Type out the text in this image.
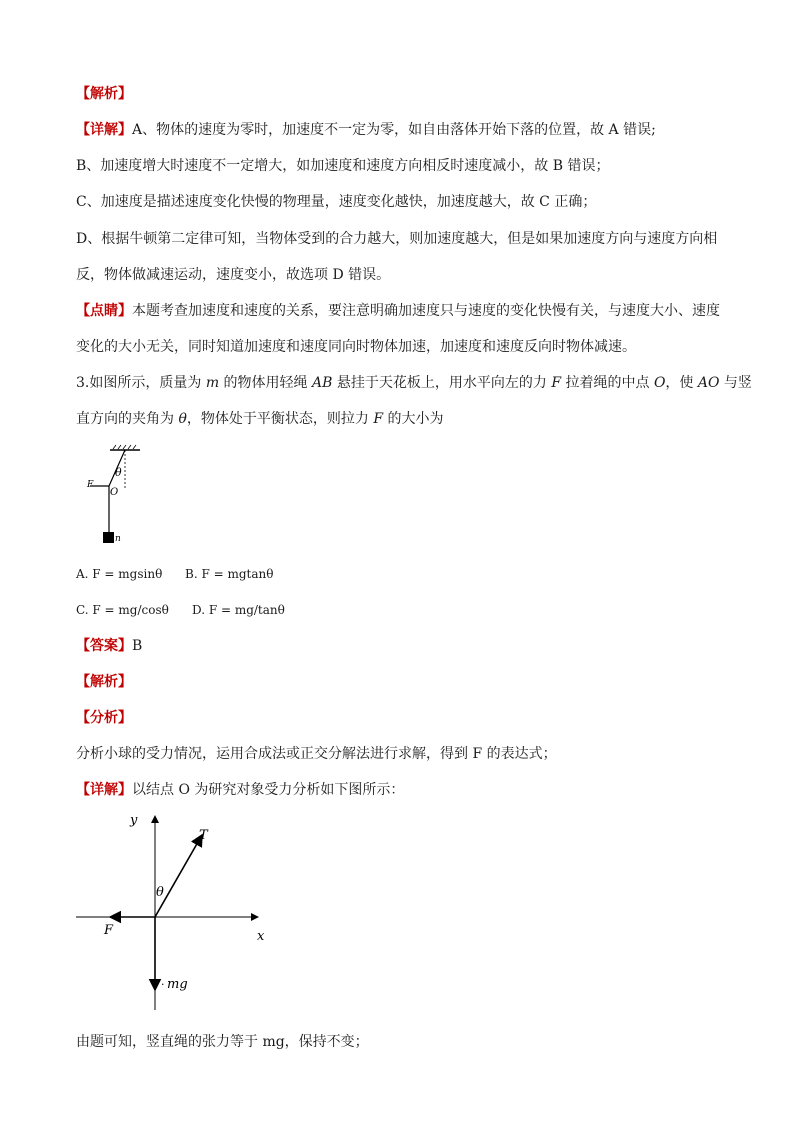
【解析】
【详解】A、物体的速度为零时，加速度不一定为零，如自由落体开始下落的位置，故 A 错误;
B、加速度增大时速度不一定增大，如加速度和速度方向相反时速度减小，故 B 错误；
C、加速度是描述速度变化快慢的物理量，速度变化越快，加速度越大，故 C 正确；
D、根据牛顿第二定律可知，当物体受到的合力越大，则加速度越大，但是如果加速度方向与速度方向相
反，物体做减速运动，速度变小，故选项 D 错误。
【点睛】本题考查加速度和速度的关系，要注意明确加速度只与速度的变化快慢有关，与速度大小、速度
变化的大小无关，同时知道加速度和速度同向时物体加速，加速度和速度反向时物体减速。
3.如图所示，质量为 m 的物体用轻绳 AB 悬挂于天花板上，用水平向左的力 F 拉着绳的中点 O，使 AO 与竖
直方向的夹角为 θ，物体处于平衡状态，则拉力 F 的大小为
F
θ
O
n
A. F = mgsinθ B. F = mgtanθ
C. F = mg/cosθ D. F = mg/tanθ
【答案】B
【解析】
【分析】
分析小球的受力情况，运用合成法或正交分解法进行求解，得到 F 的表达式；
【详解】以结点 O 为研究对象受力分析如下图所示：
y
x
T
θ
F
· mg
由题可知，竖直绳的张力等于 mg，保持不变；
